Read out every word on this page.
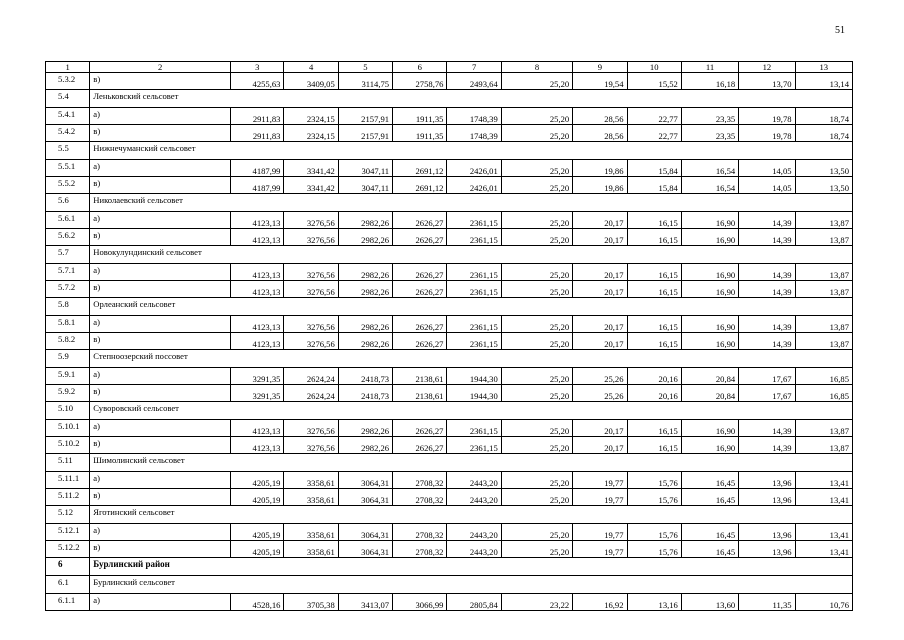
51
1	2	3	4	5	6	7	8	9	10	11	12	13
5.3.2	в)	4255,63	3409,05	3114,75	2758,76	2493,64	25,20	19,54	15,52	16,18	13,70	13,14
5.4	Леньковский сельсовет											
5.4.1	а)	2911,83	2324,15	2157,91	1911,35	1748,39	25,20	28,56	22,77	23,35	19,78	18,74
5.4.2	в)	2911,83	2324,15	2157,91	1911,35	1748,39	25,20	28,56	22,77	23,35	19,78	18,74
5.5	Нижнечуманский сельсовет											
5.5.1	а)	4187,99	3341,42	3047,11	2691,12	2426,01	25,20	19,86	15,84	16,54	14,05	13,50
5.5.2	в)	4187,99	3341,42	3047,11	2691,12	2426,01	25,20	19,86	15,84	16,54	14,05	13,50
5.6	Николаевский сельсовет											
5.6.1	а)	4123,13	3276,56	2982,26	2626,27	2361,15	25,20	20,17	16,15	16,90	14,39	13,87
5.6.2	в)	4123,13	3276,56	2982,26	2626,27	2361,15	25,20	20,17	16,15	16,90	14,39	13,87
5.7	Новокулундинский сельсовет											
5.7.1	а)	4123,13	3276,56	2982,26	2626,27	2361,15	25,20	20,17	16,15	16,90	14,39	13,87
5.7.2	в)	4123,13	3276,56	2982,26	2626,27	2361,15	25,20	20,17	16,15	16,90	14,39	13,87
5.8	Орлеанский сельсовет											
5.8.1	а)	4123,13	3276,56	2982,26	2626,27	2361,15	25,20	20,17	16,15	16,90	14,39	13,87
5.8.2	в)	4123,13	3276,56	2982,26	2626,27	2361,15	25,20	20,17	16,15	16,90	14,39	13,87
5.9	Степноозерский поссовет											
5.9.1	а)	3291,35	2624,24	2418,73	2138,61	1944,30	25,20	25,26	20,16	20,84	17,67	16,85
5.9.2	в)	3291,35	2624,24	2418,73	2138,61	1944,30	25,20	25,26	20,16	20,84	17,67	16,85
5.10	Суворовский сельсовет											
5.10.1	а)	4123,13	3276,56	2982,26	2626,27	2361,15	25,20	20,17	16,15	16,90	14,39	13,87
5.10.2	в)	4123,13	3276,56	2982,26	2626,27	2361,15	25,20	20,17	16,15	16,90	14,39	13,87
5.11	Шимолинский сельсовет											
5.11.1	а)	4205,19	3358,61	3064,31	2708,32	2443,20	25,20	19,77	15,76	16,45	13,96	13,41
5.11.2	в)	4205,19	3358,61	3064,31	2708,32	2443,20	25,20	19,77	15,76	16,45	13,96	13,41
5.12	Яготинский сельсовет											
5.12.1	а)	4205,19	3358,61	3064,31	2708,32	2443,20	25,20	19,77	15,76	16,45	13,96	13,41
5.12.2	в)	4205,19	3358,61	3064,31	2708,32	2443,20	25,20	19,77	15,76	16,45	13,96	13,41
6	Бурлинский район											
6.1	Бурлинский сельсовет											
6.1.1	а)	4528,16	3705,38	3413,07	3066,99	2805,84	23,22	16,92	13,16	13,60	11,35	10,76
